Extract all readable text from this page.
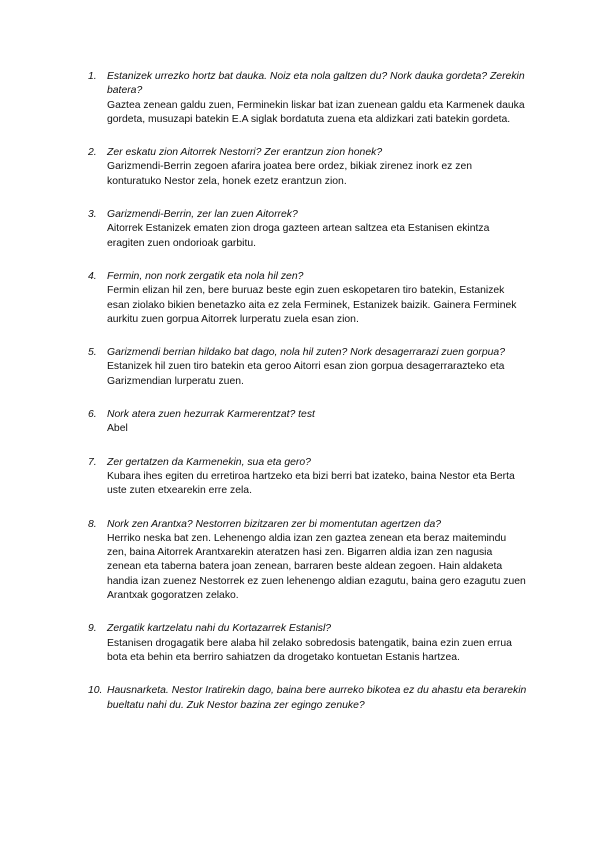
1. Estanizek urrezko hortz bat dauka. Noiz eta nola galtzen du? Nork dauka gordeta? Zerekin batera?
Gaztea zenean galdu zuen, Ferminekin liskar bat izan zuenean galdu eta Karmenek dauka gordeta, musuzapi batekin E.A siglak bordatuta zuena eta aldizkari zati batekin gordeta.
2. Zer eskatu zion Aitorrek Nestorri? Zer erantzun zion honek?
Garizmendi-Berrin zegoen afarira joatea bere ordez, bikiak zirenez inork ez zen konturatuko Nestor zela, honek ezetz erantzun zion.
3. Garizmendi-Berrin, zer lan zuen Aitorrek?
Aitorrek Estanizek ematen zion droga gazteen artean saltzea eta Estanisen ekintza eragiten zuen ondorioak garbitu.
4. Fermin, non nork zergatik eta nola hil zen?
Fermin elizan hil zen, bere buruaz beste egin zuen eskopetaren tiro batekin, Estanizek esan ziolako bikien benetazko aita ez zela Ferminek, Estanizek baizik. Gainera Ferminek aurkitu zuen gorpua Aitorrek lurperatu zuela esan zion.
5. Garizmendi berrian hildako bat dago, nola hil zuten? Nork desagerrarazi zuen gorpua?
Estanizek hil zuen tiro batekin eta geroo Aitorri esan zion gorpua desagerrarazteko eta Garizmendian lurperatu zuen.
6. Nork atera zuen hezurrak Karmerentzat? test
Abel
7. Zer gertatzen da Karmenekin, sua eta gero?
Kubara ihes egiten du erretiroa hartzeko eta bizi berri bat izateko, baina Nestor eta Berta uste zuten etxearekin erre zela.
8. Nork zen Arantxa? Nestorren bizitzaren zer bi momentutan agertzen da?
Herriko neska bat zen. Lehenengo aldia izan zen gaztea zenean eta beraz maitemindu zen, baina Aitorrek Arantxarekin ateratzen hasi zen. Bigarren aldia izan zen nagusia zenean eta taberna batera joan zenean, barraren beste aldean zegoen. Hain aldaketa handia izan zuenez Nestorrek ez zuen lehenengo aldian ezagutu, baina gero ezagutu zuen Arantxak gogoratzen zelako.
9. Zergatik kartzelatu nahi du Kortazarrek Estanisl?
Estanisen drogagatik bere alaba hil zelako sobredosis batengatik, baina ezin zuen errua bota eta behin eta berriro sahiatzen da drogetako kontuetan Estanis hartzea.
10. Hausnarketa. Nestor Iratirekin dago, baina bere aurreko bikotea ez du ahastu eta berarekin bueltatu nahi du. Zuk Nestor bazina zer egingo zenuke?
